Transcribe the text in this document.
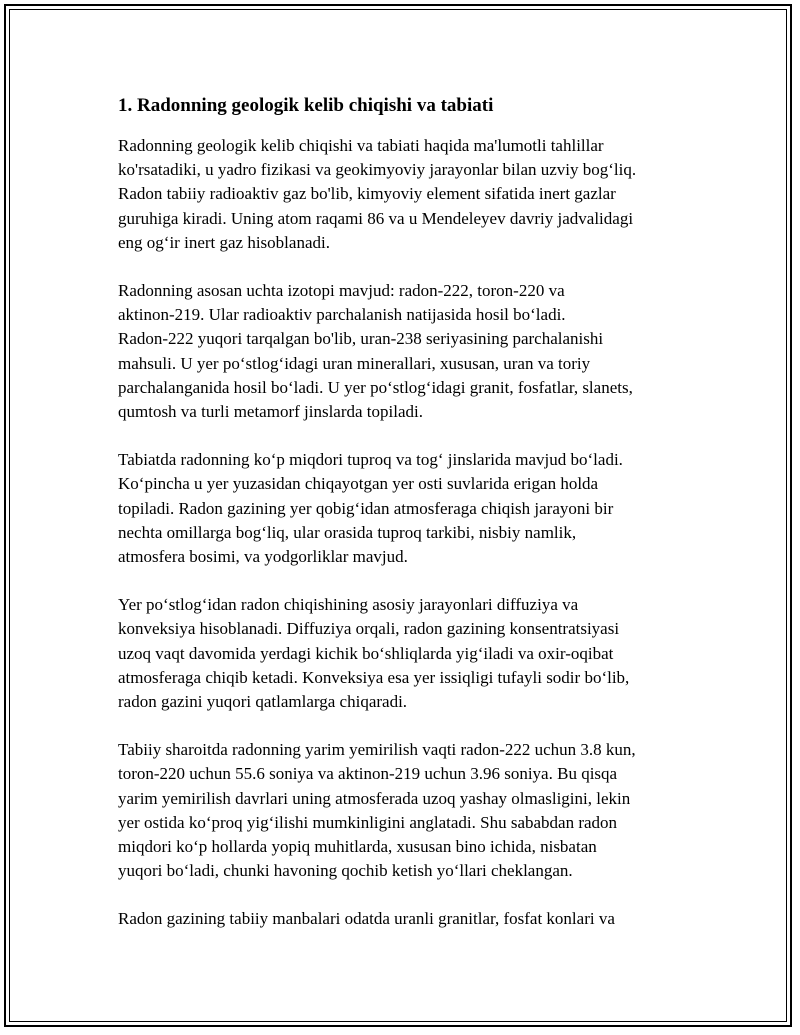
1. Radonning geologik kelib chiqishi va tabiati

Radonning geologik kelib chiqishi va tabiati haqida ma'lumotli tahlillar
ko'rsatadiki, u yadro fizikasi va geokimyoviy jarayonlar bilan uzviy bog‘liq.
Radon tabiiy radioaktiv gaz bo'lib, kimyoviy element sifatida inert gazlar
guruhiga kiradi. Uning atom raqami 86 va u Mendeleyev davriy jadvalidagi
eng og‘ir inert gaz hisoblanadi.

Radonning asosan uchta izotopi mavjud: radon-222, toron-220 va
aktinon-219. Ular radioaktiv parchalanish natijasida hosil bo‘ladi.
Radon-222 yuqori tarqalgan bo'lib, uran-238 seriyasining parchalanishi
mahsuli. U yer po‘stlog‘idagi uran minerallari, xususan, uran va toriy
parchalanganida hosil bo‘ladi. U yer po‘stlog‘idagi granit, fosfatlar, slanets,
qumtosh va turli metamorf jinslarda topiladi.

Tabiatda radonning ko‘p miqdori tuproq va tog‘ jinslarida mavjud bo‘ladi.
Ko‘pincha u yer yuzasidan chiqayotgan yer osti suvlarida erigan holda
topiladi. Radon gazining yer qobig‘idan atmosferaga chiqish jarayoni bir
nechta omillarga bog‘liq, ular orasida tuproq tarkibi, nisbiy namlik,
atmosfera bosimi, va yodgorliklar mavjud.

Yer po‘stlog‘idan radon chiqishining asosiy jarayonlari diffuziya va
konveksiya hisoblanadi. Diffuziya orqali, radon gazining konsentratsiyasi
uzoq vaqt davomida yerdagi kichik bo‘shliqlarda yig‘iladi va oxir-oqibat
atmosferaga chiqib ketadi. Konveksiya esa yer issiqligi tufayli sodir bo‘lib,
radon gazini yuqori qatlamlarga chiqaradi.

Tabiiy sharoitda radonning yarim yemirilish vaqti radon-222 uchun 3.8 kun,
toron-220 uchun 55.6 soniya va aktinon-219 uchun 3.96 soniya. Bu qisqa
yarim yemirilish davrlari uning atmosferada uzoq yashay olmasligini, lekin
yer ostida ko‘proq yig‘ilishi mumkinligini anglatadi. Shu sababdan radon
miqdori ko‘p hollarda yopiq muhitlarda, xususan bino ichida, nisbatan
yuqori bo‘ladi, chunki havoning qochib ketish yo‘llari cheklangan.

Radon gazining tabiiy manbalari odatda uranli granitlar, fosfat konlari va
